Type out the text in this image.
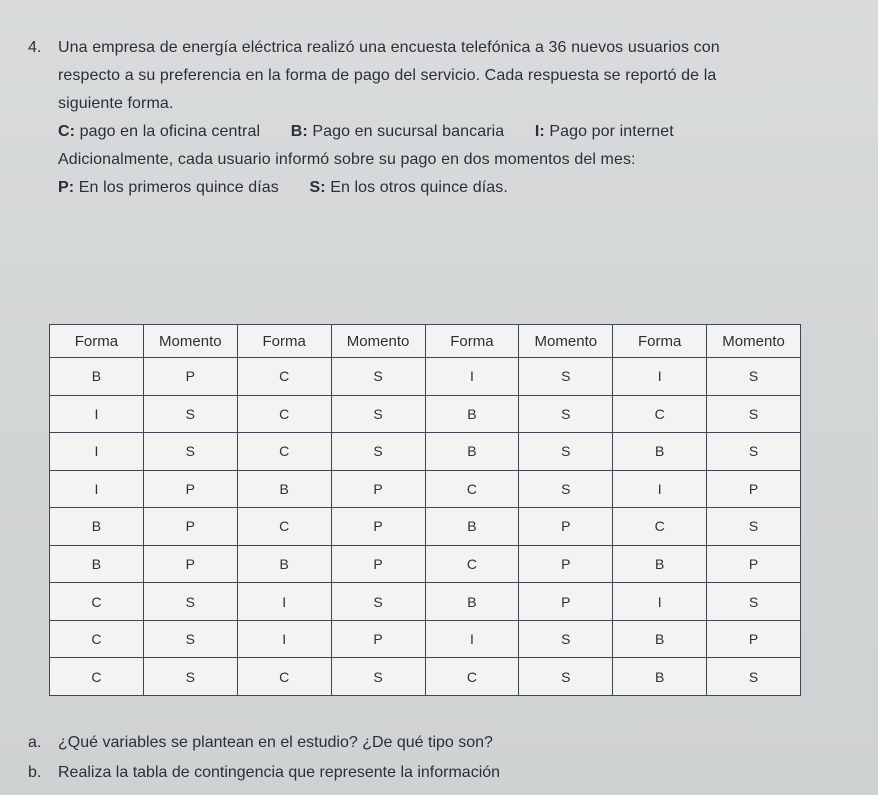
4. Una empresa de energía eléctrica realizó una encuesta telefónica a 36 nuevos usuarios con

respecto a su preferencia en la forma de pago del servicio. Cada respuesta se reportó de la

siguiente forma.

C: pago en la oficina central B: Pago en sucursal bancaria I: Pago por internet

Adicionalmente, cada usuario informó sobre su pago en dos momentos del mes:

P: En los primeros quince días S: En los otros quince días.

Forma	Momento	Forma	Momento	Forma	Momento	Forma	Momento
B	P	C	S	I	S	I	S
I	S	C	S	B	S	C	S
I	S	C	S	B	S	B	S
I	P	B	P	C	S	I	P
B	P	C	P	B	P	C	S
B	P	B	P	C	P	B	P
C	S	I	S	B	P	I	S
C	S	I	P	I	S	B	P
C	S	C	S	C	S	B	S

a. ¿Qué variables se plantean en el estudio? ¿De qué tipo son?

b. Realiza la tabla de contingencia que represente la información
